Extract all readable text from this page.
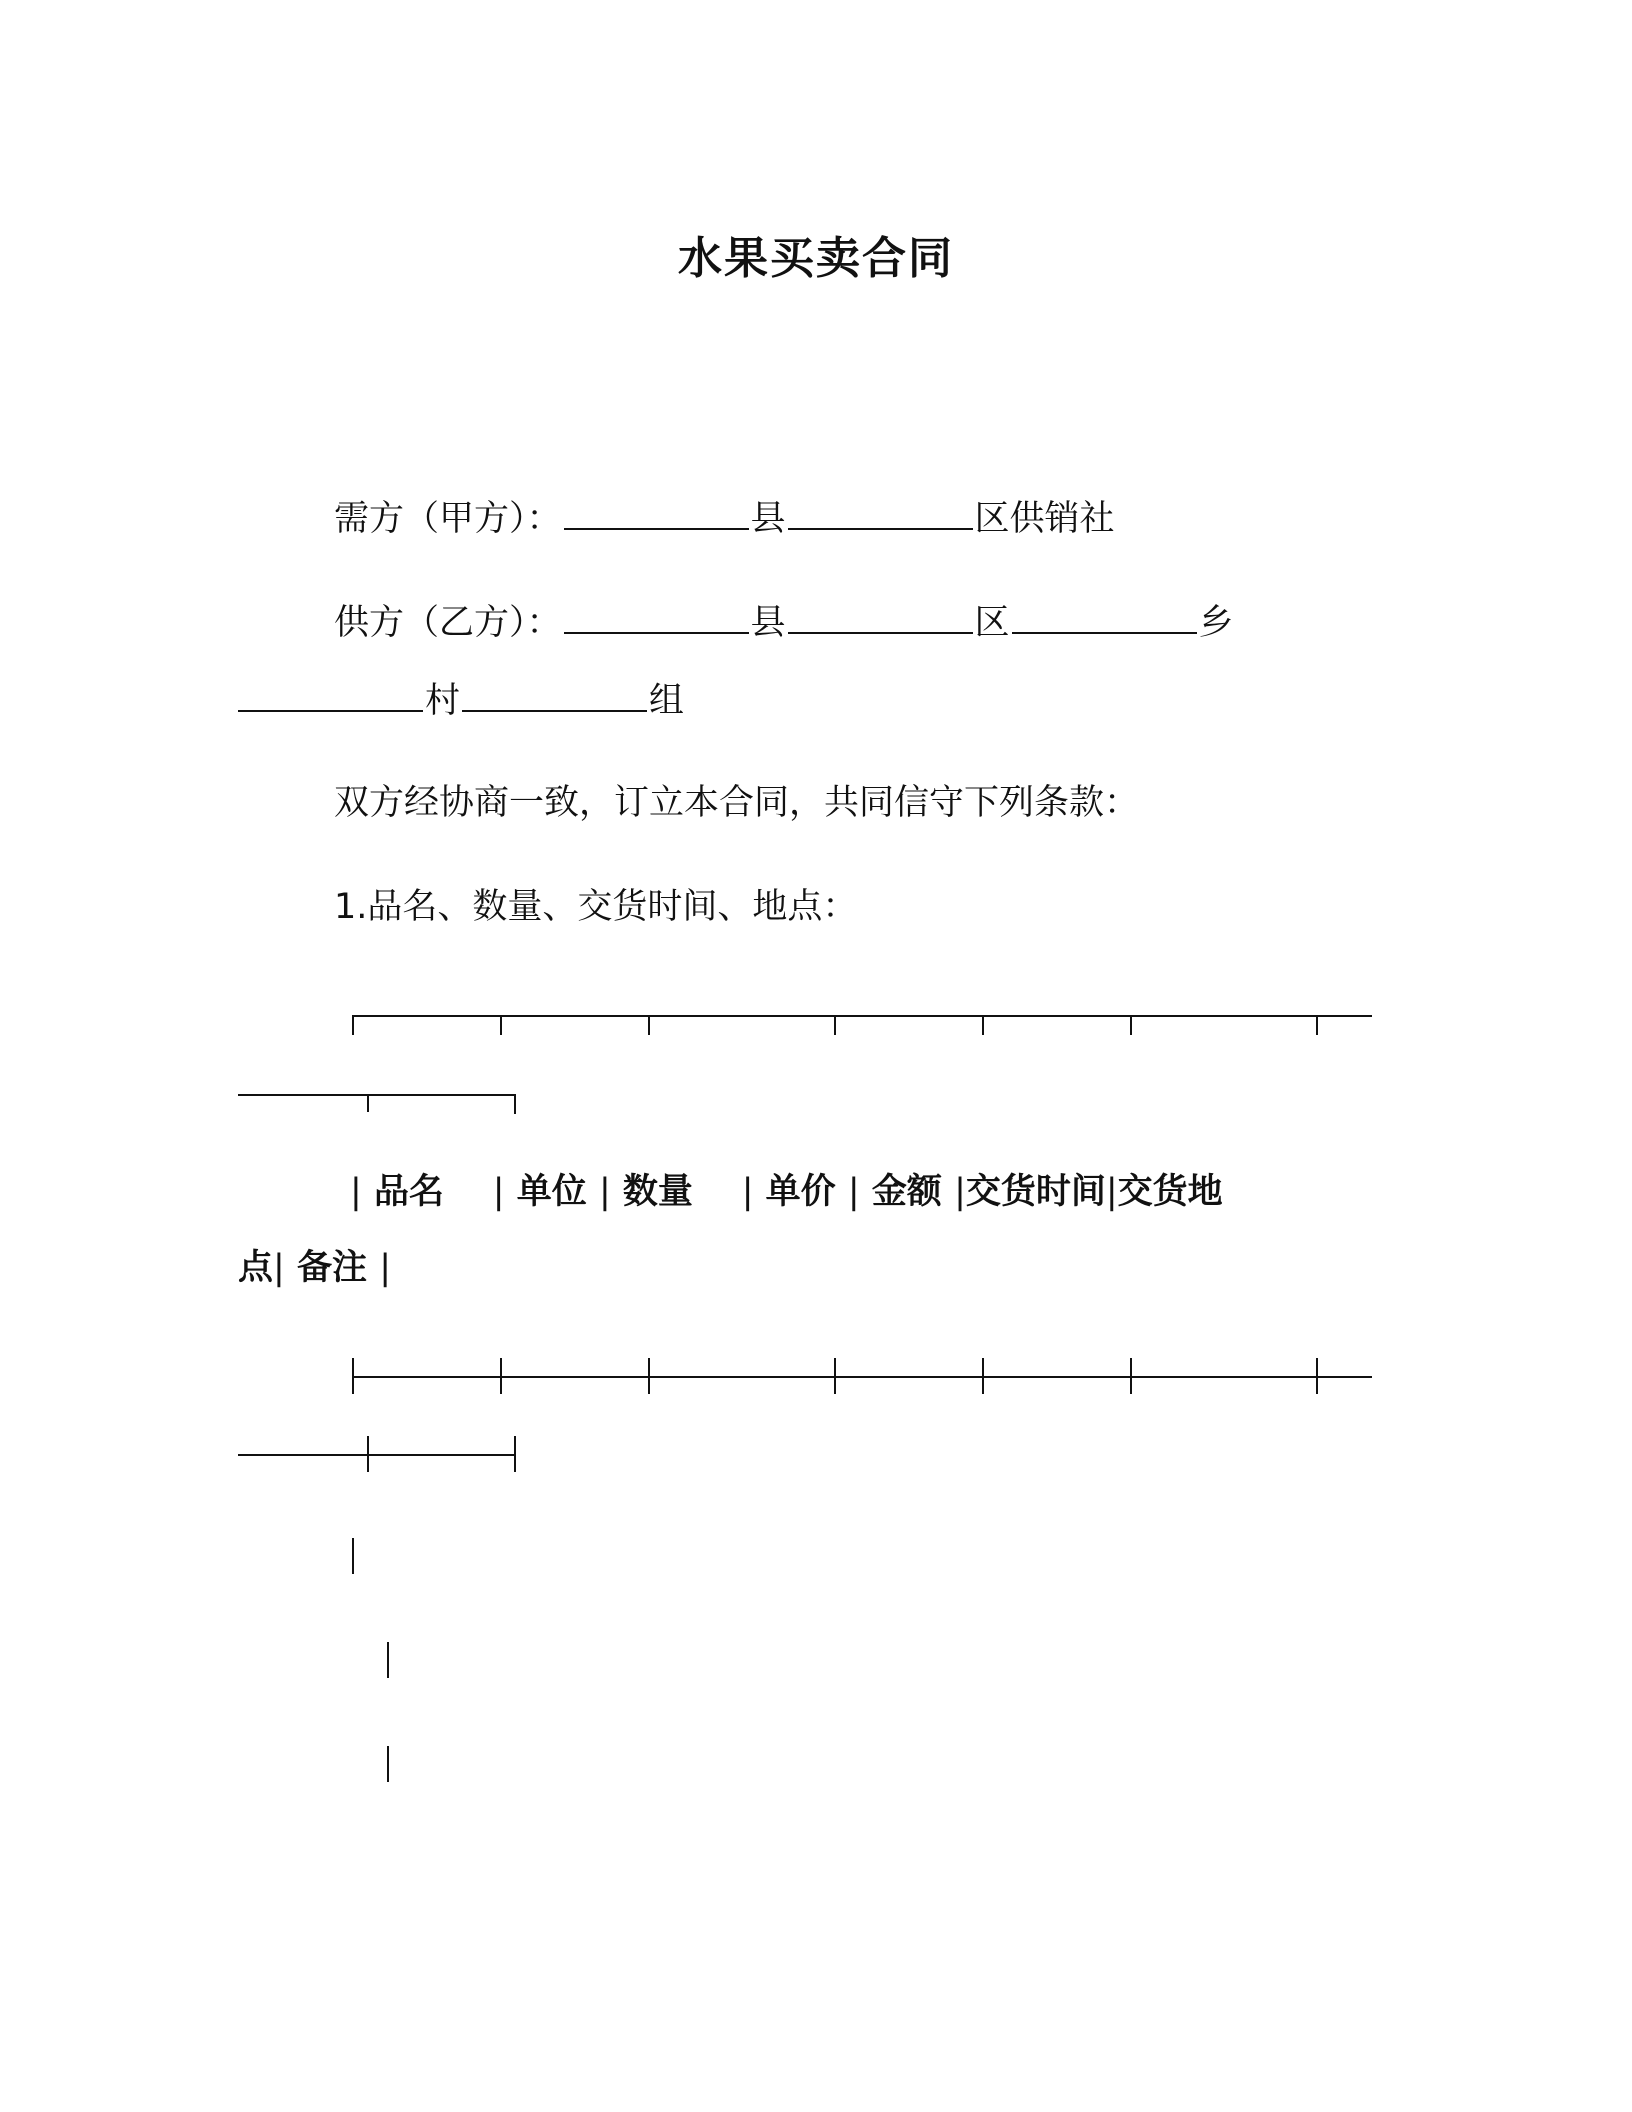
水果买卖合同
需方（甲方）：	县	区供销社
供方（乙方）：	县	区	乡
村	组
双方经协商一致，订立本合同，共同信守下列条款：
1.品名、数量、交货时间、地点：
| 品名 | 单位 | 数量 | 单价 | 金额 |交货时间|交货地
点| 备注 |
